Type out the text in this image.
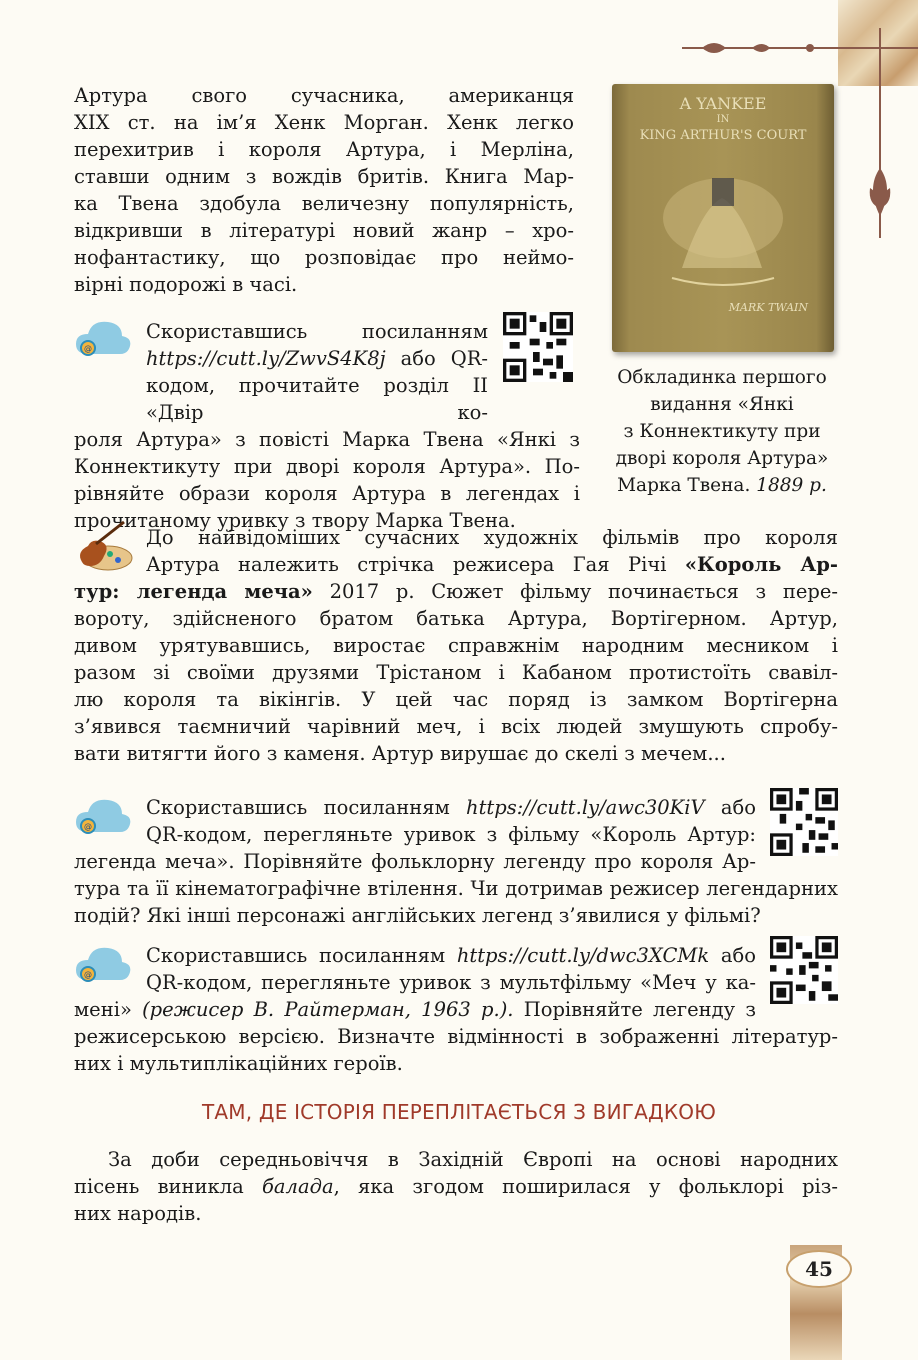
Артура свого сучасника, американця

XIX ст. на ім’я Хенк Морган. Хенк легко

перехитрив і короля Артура, і Мерліна,

ставши одним з вождів бритів. Книга Мар-

ка Твена здобула величезну популярність,

відкривши в літературі новий жанр – хро-

нофантастику, що розповідає про неймо-

вірні подорожі в часі.

A YANKEE
IN
KING ARTHUR'S COURT
MARK TWAIN
Обкладинка першого
видання «Янкі
з Коннектикуту при
дворі короля Артура»
Марка Твена. 1889 р.
@

Скориставшись посиланням

https://cutt.ly/ZwvS4K8j або QR-

кодом, прочитайте розділ II «Двір ко-

роля Артура» з повісті Марка Твена «Янкі з

Коннектикуту при дворі короля Артура». По-

рівняйте образи короля Артура в легендах і

прочитаному уривку з твору Марка Твена.

До найвідоміших сучасних художніх фільмів про короля

Артура належить стрічка режисера Гая Річі «Король Ар-

тур: легенда меча» 2017 р. Сюжет фільму починається з пере-

вороту, здійсненого братом батька Артура, Вортігерном. Артур,

дивом урятувавшись, виростає справжнім народним месником і

разом зі своїми друзями Трістаном і Кабаном протистоїть свавіл-

лю короля та вікінгів. У цей час поряд із замком Вортігерна

з’явився таємничий чарівний меч, і всіх людей змушують спробу-

вати витягти його з каменя. Артур вирушає до скелі з мечем...

@

Скориставшись посиланням https://cutt.ly/awc30KiV або

QR-кодом, перегляньте уривок з фільму «Король Артур:

легенда меча». Порівняйте фольклорну легенду про короля Ар-

тура та її кінематографічне втілення. Чи дотримав режисер легендарних

подій? Які інші персонажі англійських легенд з’явилися у фільмі?

@

Скориставшись посиланням https://cutt.ly/dwc3XCMk або

QR-кодом, перегляньте уривок з мультфільму «Меч у ка-

мені» (режисер В. Райтерман, 1963 р.). Порівняйте легенду з

режисерською версією. Визначте відмінності в зображенні літератур-

них і мультиплікаційних героїв.

ТАМ, ДЕ ІСТОРІЯ ПЕРЕПЛІТАЄТЬСЯ З ВИГАДКОЮ

За доби середньовіччя в Західній Європі на основі народних

пісень виникла балада, яка згодом поширилася у фольклорі різ-

них народів.

45
